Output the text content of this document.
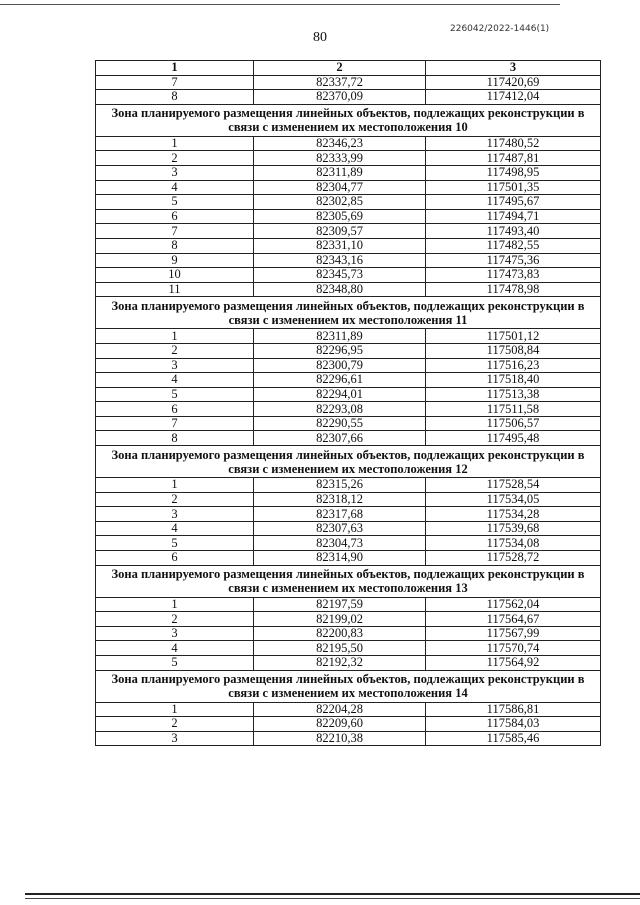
80
226042/2022-1446(1)
1	2	3
7	82337,72	117420,69
8	82370,09	117412,04
Зона планируемого размещения линейных объектов, подлежащих реконструкции в связи с изменением их местоположения 10		
1	82346,23	117480,52
2	82333,99	117487,81
3	82311,89	117498,95
4	82304,77	117501,35
5	82302,85	117495,67
6	82305,69	117494,71
7	82309,57	117493,40
8	82331,10	117482,55
9	82343,16	117475,36
10	82345,73	117473,83
11	82348,80	117478,98
Зона планируемого размещения линейных объектов, подлежащих реконструкции в связи с изменением их местоположения 11		
1	82311,89	117501,12
2	82296,95	117508,84
3	82300,79	117516,23
4	82296,61	117518,40
5	82294,01	117513,38
6	82293,08	117511,58
7	82290,55	117506,57
8	82307,66	117495,48
Зона планируемого размещения линейных объектов, подлежащих реконструкции в связи с изменением их местоположения 12		
1	82315,26	117528,54
2	82318,12	117534,05
3	82317,68	117534,28
4	82307,63	117539,68
5	82304,73	117534,08
6	82314,90	117528,72
Зона планируемого размещения линейных объектов, подлежащих реконструкции в связи с изменением их местоположения 13		
1	82197,59	117562,04
2	82199,02	117564,67
3	82200,83	117567,99
4	82195,50	117570,74
5	82192,32	117564,92
Зона планируемого размещения линейных объектов, подлежащих реконструкции в связи с изменением их местоположения 14		
1	82204,28	117586,81
2	82209,60	117584,03
3	82210,38	117585,46
